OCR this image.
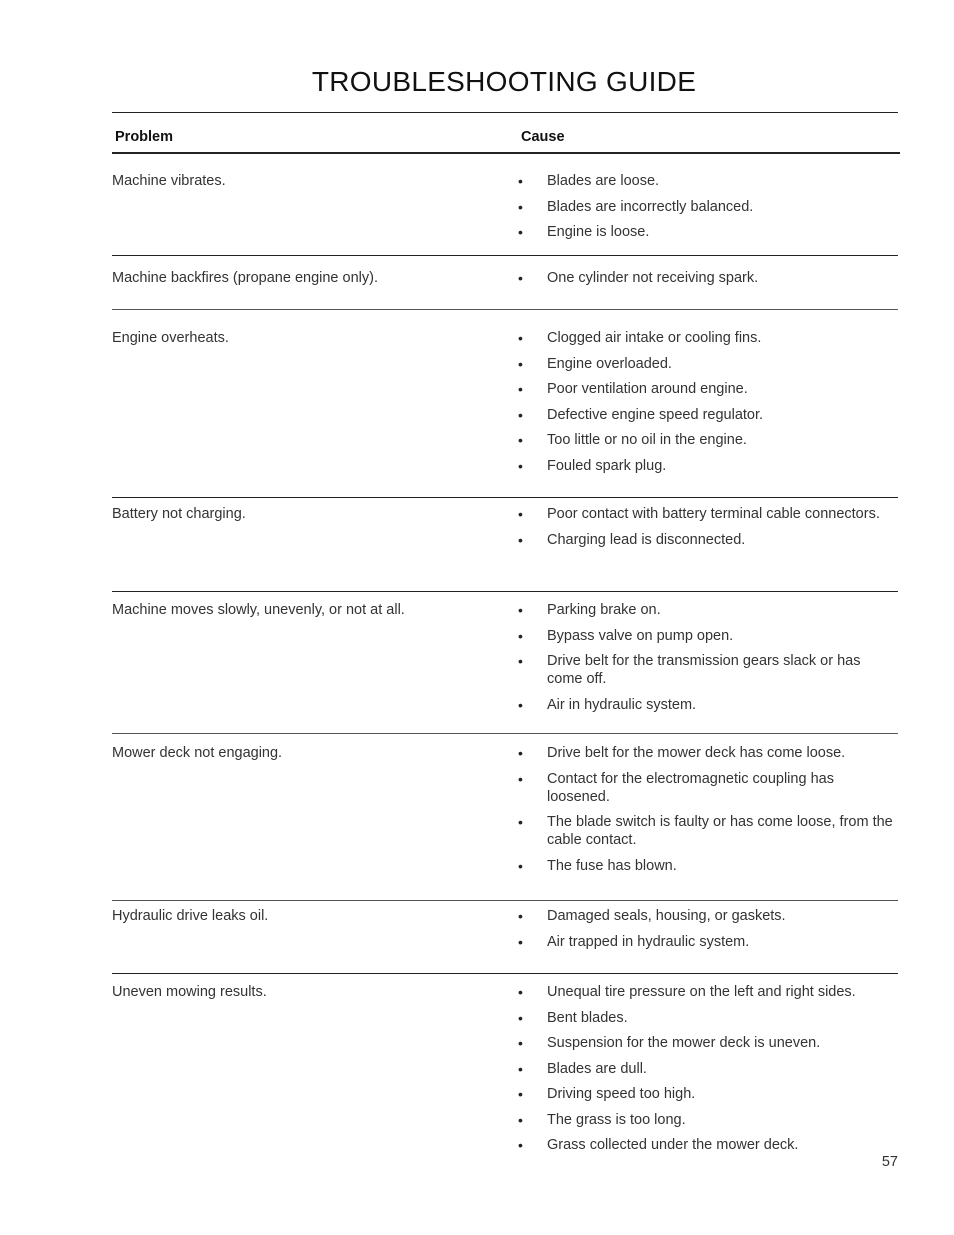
TROUBLESHOOTING GUIDE
Problem	Cause
Machine vibrates.	•	Blades are loose.
•	Blades are incorrectly balanced.
•	Engine is loose.
Machine backfires (propane engine only).	•	One cylinder not receiving spark.
Engine overheats.	•	Clogged air intake or cooling fins.
•	Engine overloaded.
•	Poor ventilation around engine.
•	Defective engine speed regulator.
•	Too little or no oil in the engine.
•	Fouled spark plug.
Battery not charging.	•	Poor contact with battery terminal cable connectors.
•	Charging lead is disconnected.
Machine moves slowly, unevenly, or not at all.	•	Parking brake on.
•	Bypass valve on pump open.
•	Drive belt for the transmission gears slack or has come off.
•	Air in hydraulic system.
Mower deck not engaging.	•	Drive belt for the mower deck has come loose.
•	Contact for the electromagnetic coupling has loosened.
•	The blade switch is faulty or has come loose, from the cable contact.
•	The fuse has blown.
Hydraulic drive leaks oil.	•	Damaged seals, housing, or gaskets.
•	Air trapped in hydraulic system.
Uneven mowing results.	•	Unequal tire pressure on the left and right sides.
•	Bent blades.
•	Suspension for the mower deck is uneven.
•	Blades are dull.
•	Driving speed too high.
•	The grass is too long.
•	Grass collected under the mower deck.
57
